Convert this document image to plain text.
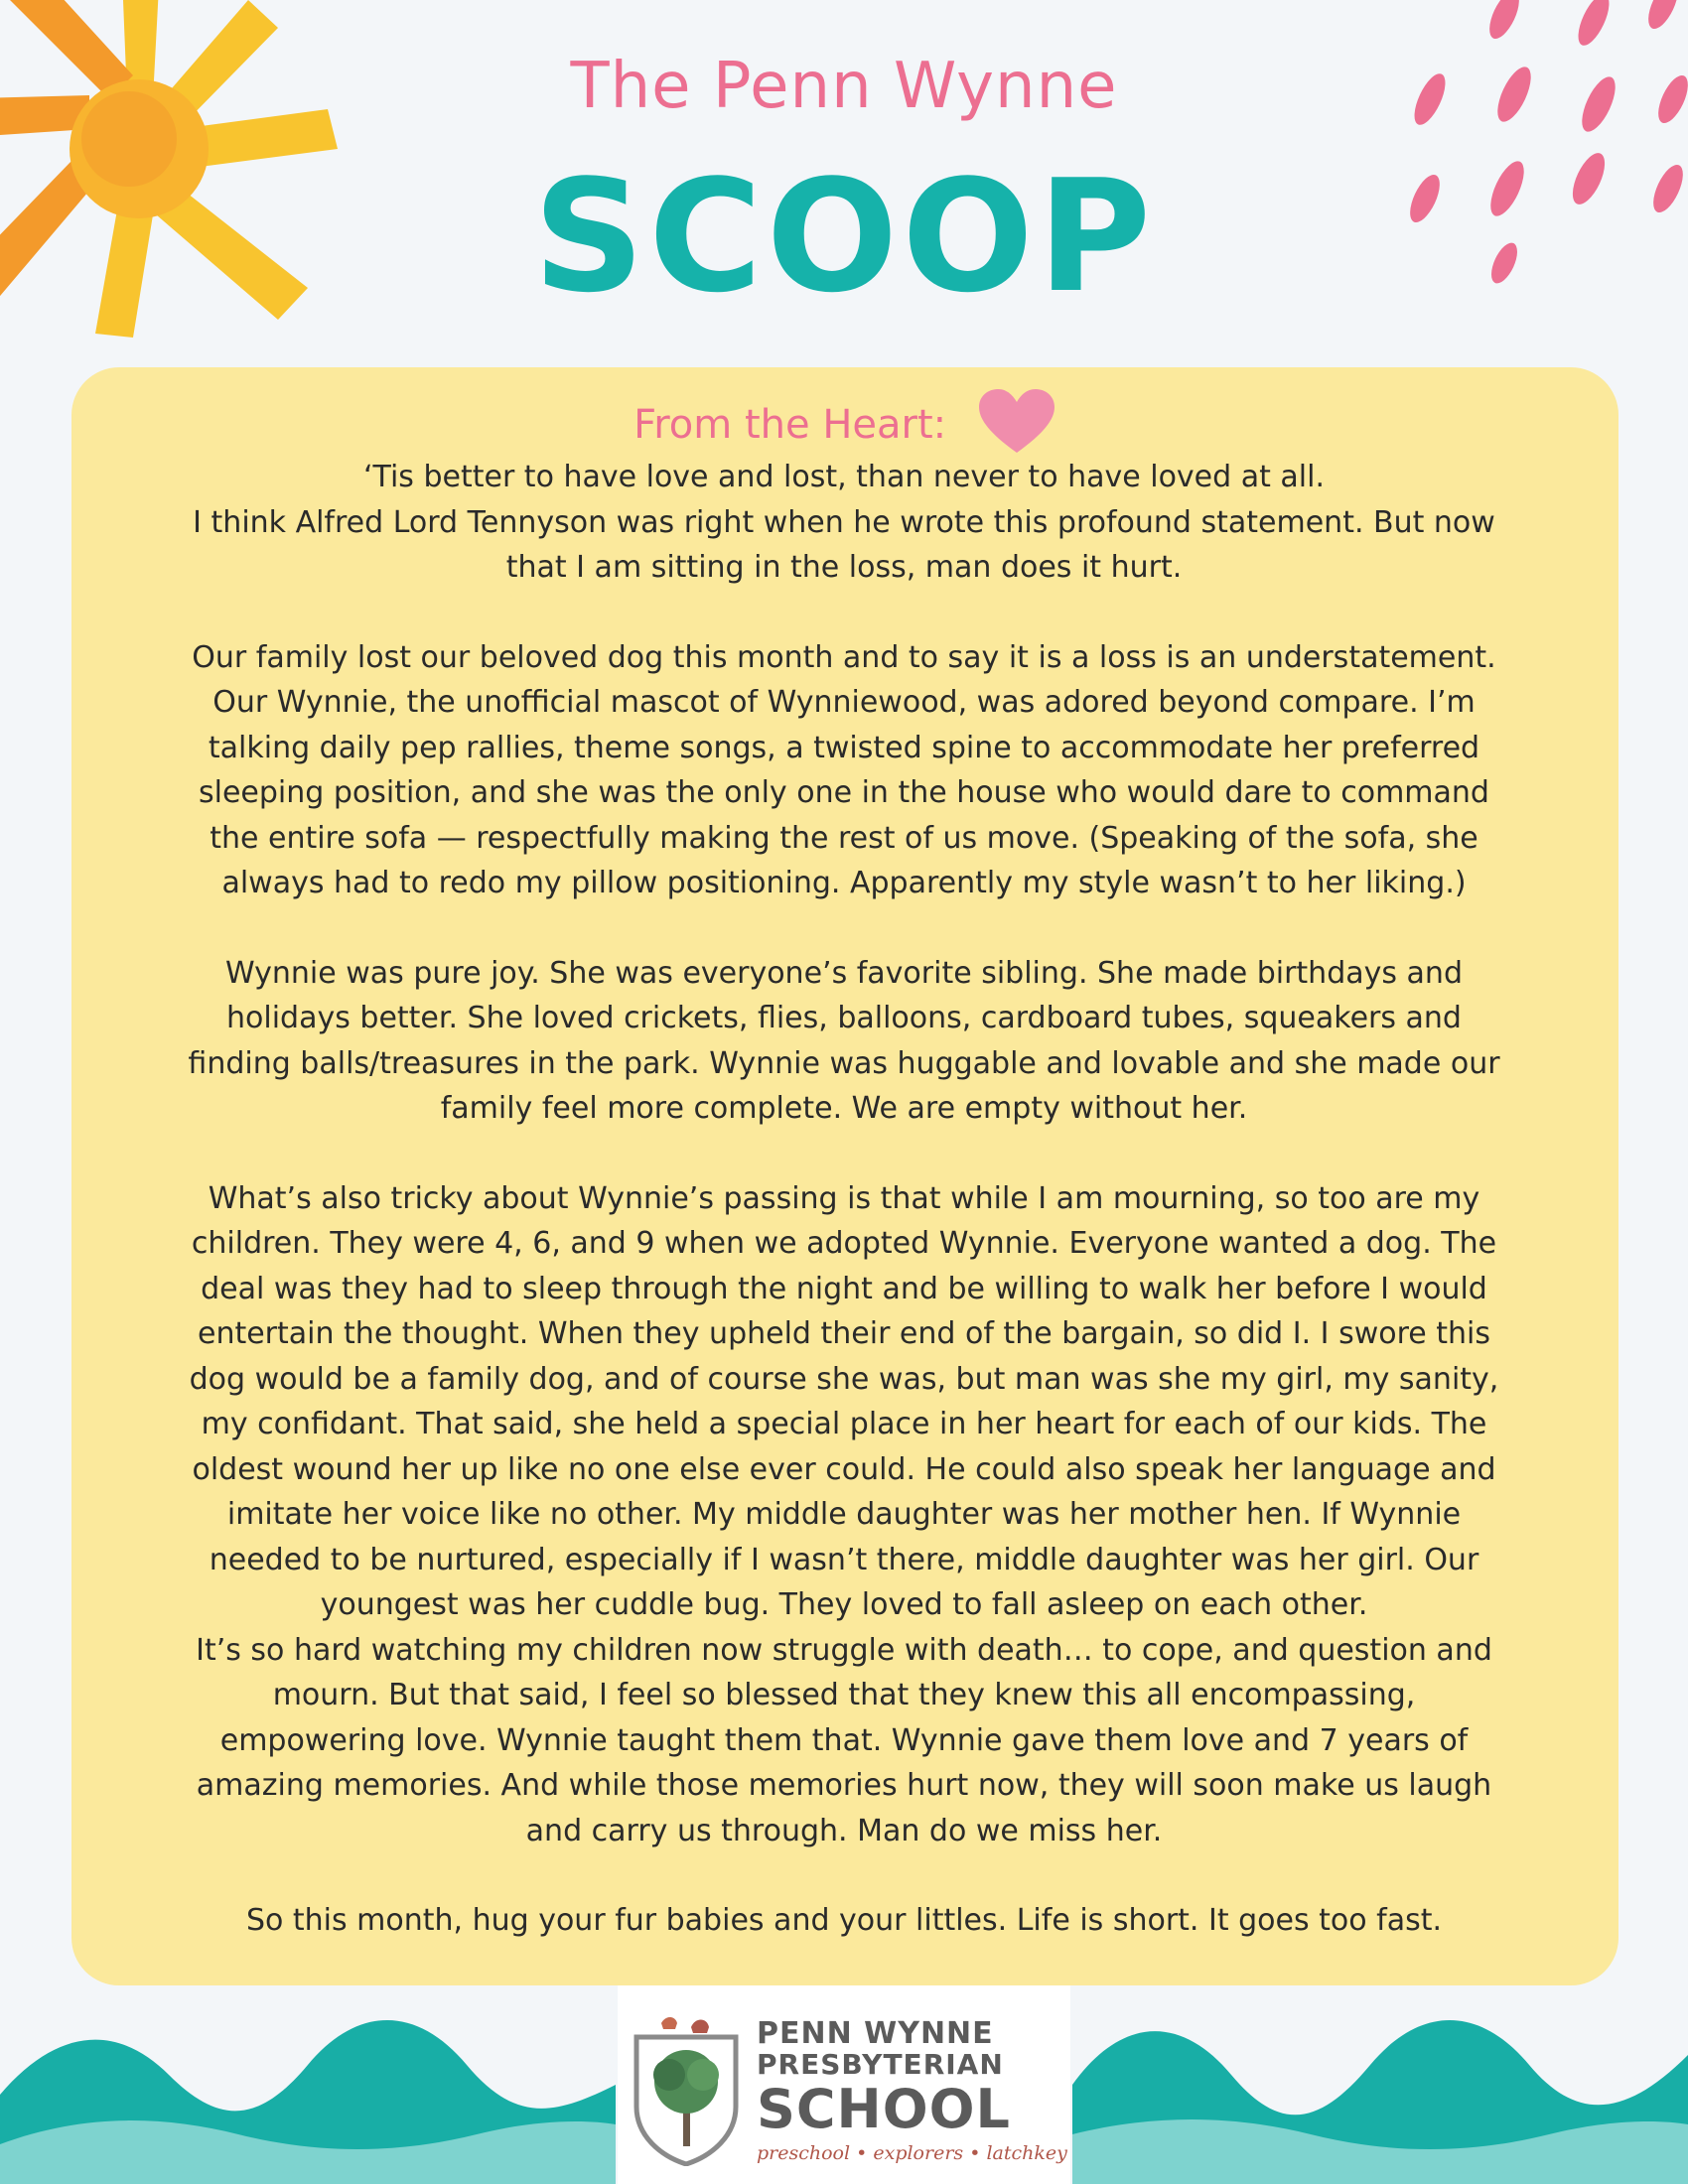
The Penn Wynne
SCOOP
From the Heart:

‘Tis better to have love and lost, than never to have loved at all.
I think Alfred Lord Tennyson was right when he wrote this profound statement. But now
that I am sitting in the loss, man does it hurt.

Our family lost our beloved dog this month and to say it is a loss is an understatement.
Our Wynnie, the unofficial mascot of Wynniewood, was adored beyond compare. I’m
talking daily pep rallies, theme songs, a twisted spine to accommodate her preferred
sleeping position, and she was the only one in the house who would dare to command
the entire sofa — respectfully making the rest of us move. (Speaking of the sofa, she
always had to redo my pillow positioning. Apparently my style wasn’t to her liking.)

Wynnie was pure joy. She was everyone’s favorite sibling. She made birthdays and
holidays better. She loved crickets, flies, balloons, cardboard tubes, squeakers and
finding balls/treasures in the park. Wynnie was huggable and lovable and she made our
family feel more complete. We are empty without her.

What’s also tricky about Wynnie’s passing is that while I am mourning, so too are my
children. They were 4, 6, and 9 when we adopted Wynnie. Everyone wanted a dog. The
deal was they had to sleep through the night and be willing to walk her before I would
entertain the thought. When they upheld their end of the bargain, so did I. I swore this
dog would be a family dog, and of course she was, but man was she my girl, my sanity,
my confidant. That said, she held a special place in her heart for each of our kids. The
oldest wound her up like no one else ever could. He could also speak her language and
imitate her voice like no other. My middle daughter was her mother hen. If Wynnie
needed to be nurtured, especially if I wasn’t there, middle daughter was her girl. Our
youngest was her cuddle bug. They loved to fall asleep on each other.
It’s so hard watching my children now struggle with death… to cope, and question and
mourn. But that said, I feel so blessed that they knew this all encompassing,
empowering love. Wynnie taught them that. Wynnie gave them love and 7 years of
amazing memories. And while those memories hurt now, they will soon make us laugh
and carry us through. Man do we miss her.

So this month, hug your fur babies and your littles. Life is short. It goes too fast.

PENN WYNNE
PRESBYTERIAN
SCHOOL
preschool • explorers • latchkey
